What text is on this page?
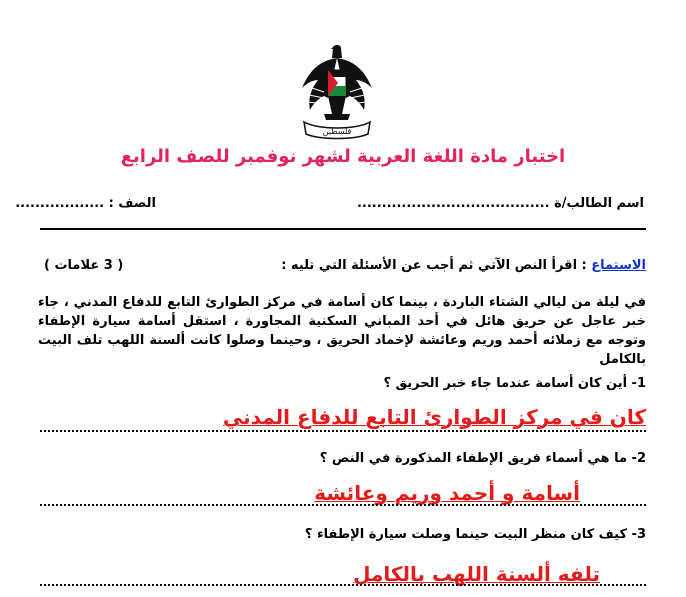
فلسطين
اختبار مادة اللغة العربية لشهر نوفمبر للصف الرابع
اسم الطالب/ة .......................................
الصف : ..................
الاستماع : اقرأ النص الآتي ثم أجب عن الأسئلة التي تليه :
( 3 علامات )
في ليلة من ليالي الشتاء الباردة ، بينما كان أسامة في مركز الطوارئ التابع للدفاع المدني ، جاء خبر عاجل عن حريق هائل في أحد المباني السكنية المجاورة ، استقل أسامة سيارة الإطفاء وتوجه مع زملائه أحمد وريم وعائشة لإخماد الحريق ، وحينما وصلوا كانت ألسنة اللهب تلف البيت بالكامل
1- أين كان أسامة عندما جاء خبر الحريق ؟
كان في مركز الطوارئ التابع للدفاع المدني
2- ما هي أسماء فريق الإطفاء المذكورة في النص ؟
أسامة و أحمد وريم وعائشة
3- كيف كان منظر البيت حينما وصلت سيارة الإطفاء ؟
تلفه ألسنة اللهب بالكامل
